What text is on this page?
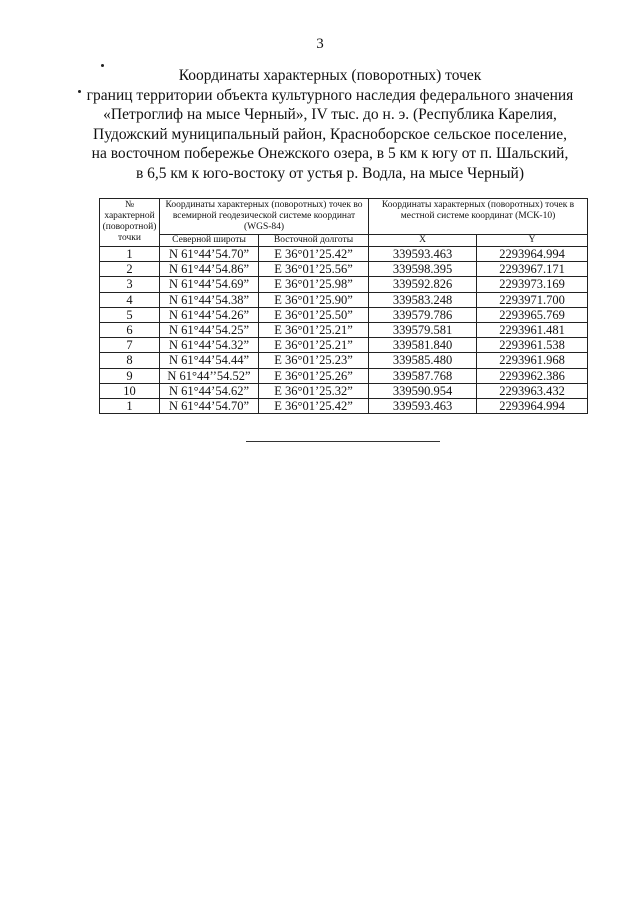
3
Координаты характерных (поворотных) точек
границ территории объекта культурного наследия федерального значения
«Петроглиф на мысе Черный», IV тыс. до н. э. (Республика Карелия,
Пудожский муниципальный район, Красноборское сельское поселение,
на восточном побережье Онежского озера, в 5 км к югу от п. Шальский,
в 6,5 км к юго-востоку от устья р. Водла, на мысе Черный)
№ характерной (поворотной) точки	Координаты характерных (поворотных) точек во всемирной геодезической системе координат (WGS-84)		Координаты характерных (поворотных) точек в местной системе координат (МСК-10)	
	Северной широты	Восточной долготы	X	Y
1	N 61°44’54.70”	E 36°01’25.42”	339593.463	2293964.994
2	N 61°44’54.86”	E 36°01’25.56”	339598.395	2293967.171
3	N 61°44’54.69”	E 36°01’25.98”	339592.826	2293973.169
4	N 61°44’54.38”	E 36°01’25.90”	339583.248	2293971.700
5	N 61°44’54.26”	E 36°01’25.50”	339579.786	2293965.769
6	N 61°44’54.25”	E 36°01’25.21”	339579.581	2293961.481
7	N 61°44’54.32”	E 36°01’25.21”	339581.840	2293961.538
8	N 61°44’54.44”	E 36°01’25.23”	339585.480	2293961.968
9	N 61°44’’54.52”	E 36°01’25.26”	339587.768	2293962.386
10	N 61°44’54.62”	E 36°01’25.32”	339590.954	2293963.432
1	N 61°44’54.70”	E 36°01’25.42”	339593.463	2293964.994
